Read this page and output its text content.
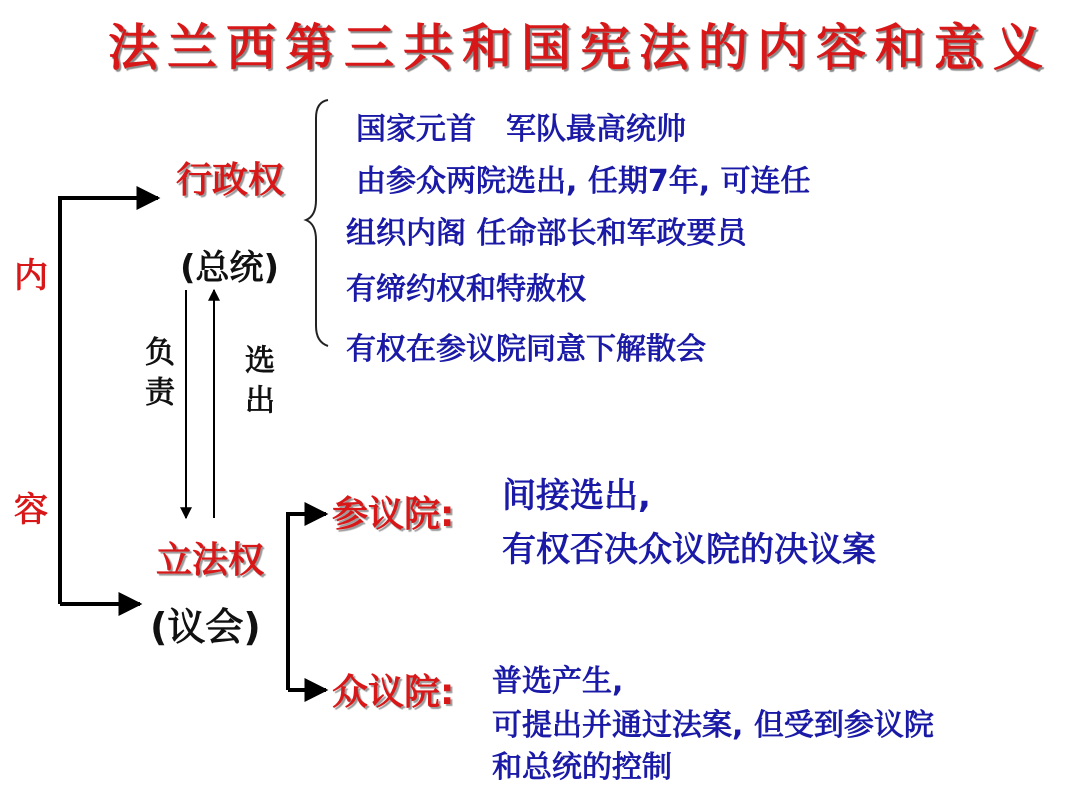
法兰西第三共和国宪法的内容和意义
内
容
行政权
(总统)
国家元首　军队最高统帅
由参众两院选出, 任期7年, 可连任
组织内阁 任命部长和军政要员
有缔约权和特赦权
有权在参议院同意下解散会
负责 选出
立法权
(议会)
参议院: 间接选出,
有权否决众议院的决议案
众议院: 普选产生,
可提出并通过法案, 但受到参议院
和总统的控制
